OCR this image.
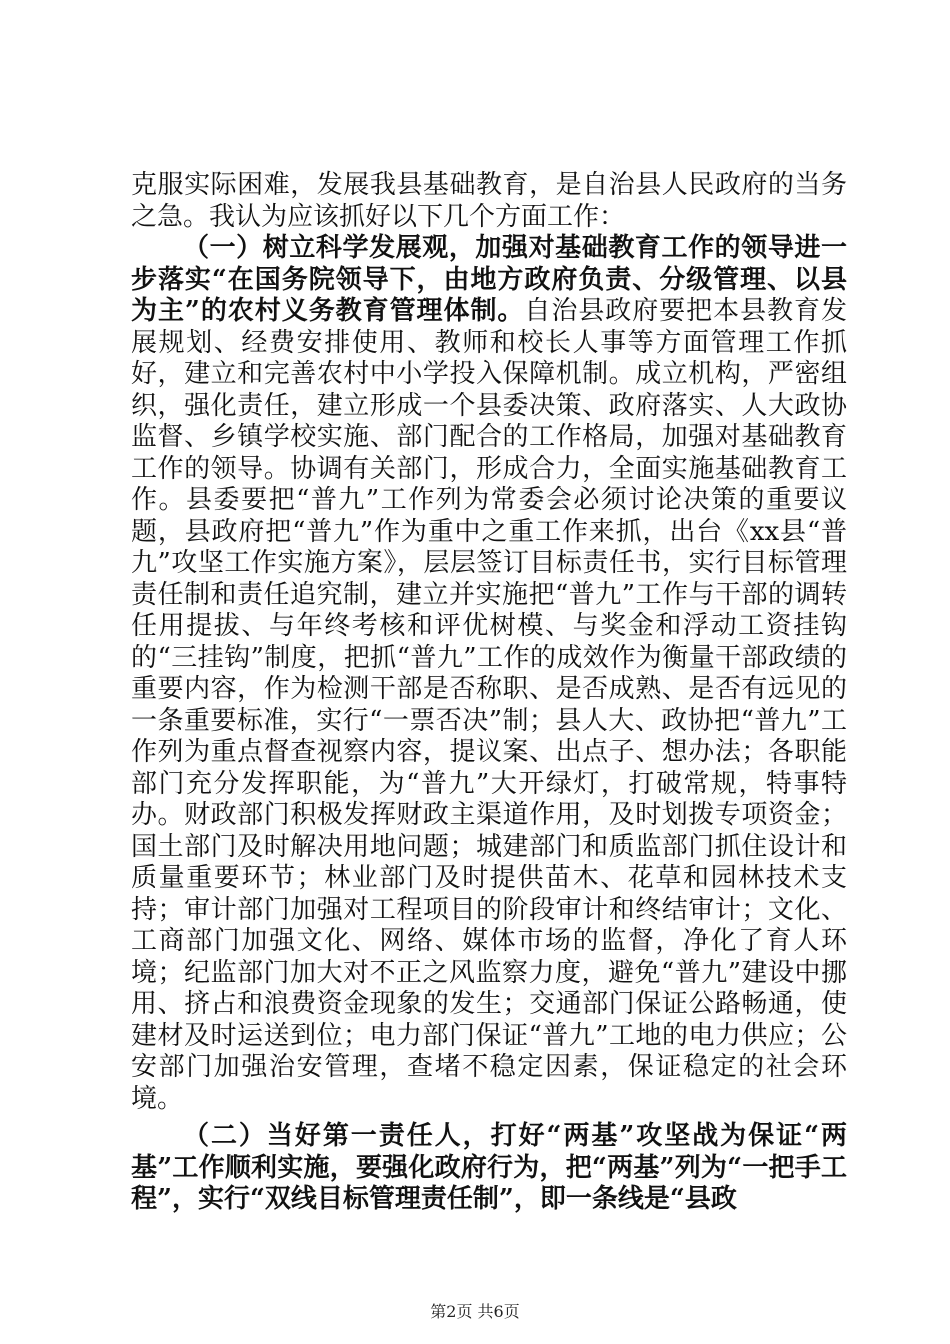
克服实际困难，发展我县基础教育，是自治县人民政府的当务之急。我认为应该抓好以下几个方面工作：

（一）树立科学发展观，加强对基础教育工作的领导进一步落实“在国务院领导下，由地方政府负责、分级管理、以县为主”的农村义务教育管理体制。自治县政府要把本县教育发展规划、经费安排使用、教师和校长人事等方面管理工作抓好，建立和完善农村中小学投入保障机制。成立机构，严密组织，强化责任，建立形成一个县委决策、政府落实、人大政协监督、乡镇学校实施、部门配合的工作格局，加强对基础教育工作的领导。协调有关部门，形成合力，全面实施基础教育工作。县委要把“普九”工作列为常委会必须讨论决策的重要议题，县政府把“普九”作为重中之重工作来抓，出台《xx县“普九”攻坚工作实施方案》，层层签订目标责任书，实行目标管理责任制和责任追究制，建立并实施把“普九”工作与干部的调转任用提拔、与年终考核和评优树模、与奖金和浮动工资挂钩的“三挂钩”制度，把抓“普九”工作的成效作为衡量干部政绩的重要内容，作为检测干部是否称职、是否成熟、是否有远见的一条重要标准，实行“一票否决”制；县人大、政协把“普九”工作列为重点督查视察内容，提议案、出点子、想办法；各职能部门充分发挥职能，为“普九”大开绿灯，打破常规，特事特办。财政部门积极发挥财政主渠道作用，及时划拨专项资金；国土部门及时解决用地问题；城建部门和质监部门抓住设计和质量重要环节；林业部门及时提供苗木、花草和园林技术支持；审计部门加强对工程项目的阶段审计和终结审计；文化、工商部门加强文化、网络、媒体市场的监督，净化了育人环境；纪监部门加大对不正之风监察力度，避免“普九”建设中挪用、挤占和浪费资金现象的发生；交通部门保证公路畅通，使建材及时运送到位；电力部门保证“普九”工地的电力供应；公安部门加强治安管理，查堵不稳定因素，保证稳定的社会环境。

（二）当好第一责任人，打好“两基”攻坚战为保证“两基”工作顺利实施，要强化政府行为，把“两基”列为“一把手工程”，实行“双线目标管理责任制”，即一条线是“县政

第2页 共6页
